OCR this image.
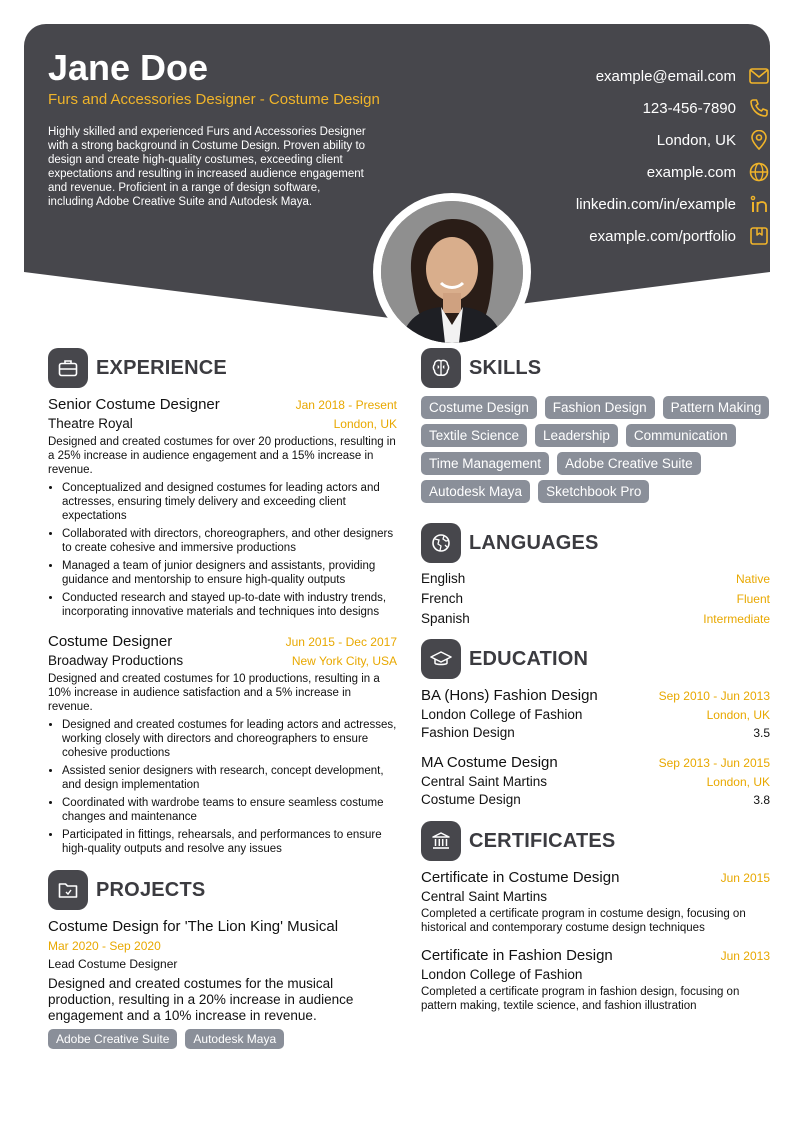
Jane Doe
Furs and Accessories Designer - Costume Design
Highly skilled and experienced Furs and Accessories Designer with a strong background in Costume Design. Proven ability to design and create high-quality costumes, exceeding client expectations and resulting in increased audience engagement and revenue. Proficient in a range of design software, including Adobe Creative Suite and Autodesk Maya.
example@email.com
123-456-7890
London, UK
example.com
linkedin.com/in/example
example.com/portfolio
EXPERIENCE
Senior Costume Designer	Jan 2018 - Present
Theatre Royal	London, UK
Designed and created costumes for over 20 productions, resulting in a 25% increase in audience engagement and a 15% increase in revenue.
• Conceptualized and designed costumes for leading actors and actresses, ensuring timely delivery and exceeding client expectations
• Collaborated with directors, choreographers, and other designers to create cohesive and immersive productions
• Managed a team of junior designers and assistants, providing guidance and mentorship to ensure high-quality outputs
• Conducted research and stayed up-to-date with industry trends, incorporating innovative materials and techniques into designs
Costume Designer	Jun 2015 - Dec 2017
Broadway Productions	New York City, USA
Designed and created costumes for 10 productions, resulting in a 10% increase in audience satisfaction and a 5% increase in revenue.
• Designed and created costumes for leading actors and actresses, working closely with directors and choreographers to ensure cohesive productions
• Assisted senior designers with research, concept development, and design implementation
• Coordinated with wardrobe teams to ensure seamless costume changes and maintenance
• Participated in fittings, rehearsals, and performances to ensure high-quality outputs and resolve any issues
PROJECTS
Costume Design for 'The Lion King' Musical
Mar 2020 - Sep 2020
Lead Costume Designer
Designed and created costumes for the musical production, resulting in a 20% increase in audience engagement and a 10% increase in revenue.
Adobe Creative Suite	Autodesk Maya
SKILLS
Costume Design	Fashion Design	Pattern Making
Textile Science	Leadership	Communication
Time Management	Adobe Creative Suite
Autodesk Maya	Sketchbook Pro
LANGUAGES
English	Native
French	Fluent
Spanish	Intermediate
EDUCATION
BA (Hons) Fashion Design	Sep 2010 - Jun 2013
London College of Fashion	London, UK
Fashion Design	3.5
MA Costume Design	Sep 2013 - Jun 2015
Central Saint Martins	London, UK
Costume Design	3.8
CERTIFICATES
Certificate in Costume Design	Jun 2015
Central Saint Martins
Completed a certificate program in costume design, focusing on historical and contemporary costume design techniques
Certificate in Fashion Design	Jun 2013
London College of Fashion
Completed a certificate program in fashion design, focusing on pattern making, textile science, and fashion illustration
